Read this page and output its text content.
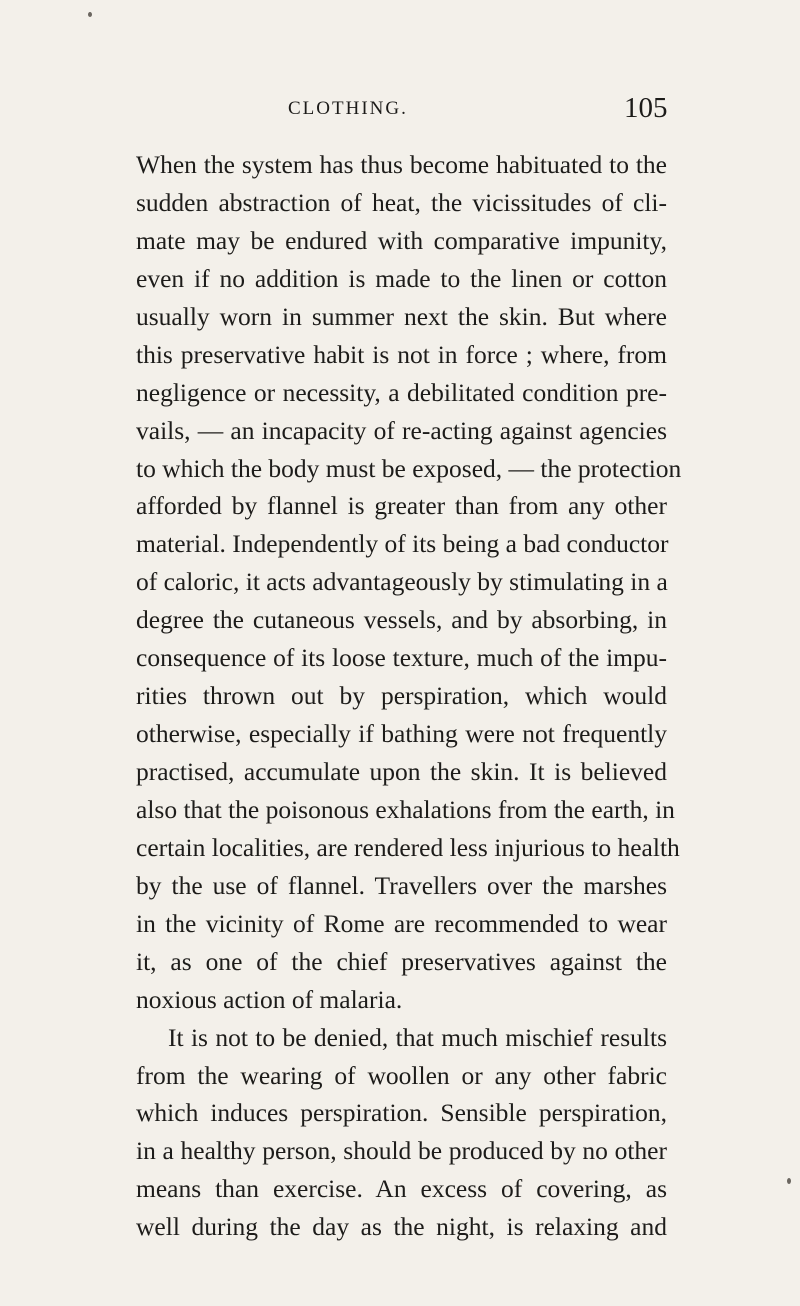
CLOTHING.	105
When the system has thus become habituated to the
sudden abstraction of heat, the vicissitudes of cli-
mate may be endured with comparative impunity,
even if no addition is made to the linen or cotton
usually worn in summer next the skin. But where
this preservative habit is not in force ; where, from
negligence or necessity, a debilitated condition pre-
vails, — an incapacity of re-acting against agencies
to which the body must be exposed, — the protection
afforded by flannel is greater than from any other
material. Independently of its being a bad conductor
of caloric, it acts advantageously by stimulating in a
degree the cutaneous vessels, and by absorbing, in
consequence of its loose texture, much of the impu-
rities thrown out by perspiration, which would
otherwise, especially if bathing were not frequently
practised, accumulate upon the skin. It is believed
also that the poisonous exhalations from the earth, in
certain localities, are rendered less injurious to health
by the use of flannel. Travellers over the marshes
in the vicinity of Rome are recommended to wear
it, as one of the chief preservatives against the
noxious action of malaria.
It is not to be denied, that much mischief results
from the wearing of woollen or any other fabric
which induces perspiration. Sensible perspiration,
in a healthy person, should be produced by no other
means than exercise. An excess of covering, as
well during the day as the night, is relaxing and
